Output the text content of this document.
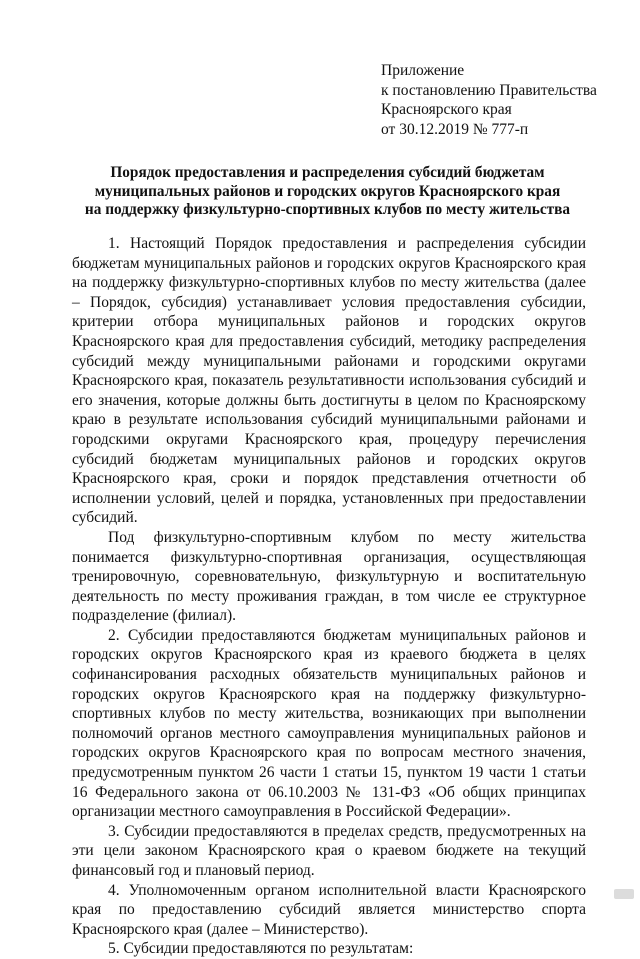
Приложение
к постановлению Правительства
Красноярского края
от 30.12.2019 № 777-п
Порядок предоставления и распределения субсидий бюджетам
муниципальных районов и городских округов Красноярского края
на поддержку физкультурно-спортивных клубов по месту жительства

1. Настоящий Порядок предоставления и распределения субсидии бюджетам муниципальных районов и городских округов Красноярского края на поддержку физкультурно-спортивных клубов по месту жительства (далее – Порядок, субсидия) устанавливает условия предоставления субсидии, критерии отбора муниципальных районов и городских округов Красноярского края для предоставления субсидий, методику распределения субсидий между муниципальными районами и городскими округами Красноярского края, показатель результативности использования субсидий и его значения, которые должны быть достигнуты в целом по Красноярскому краю в результате использования субсидий муниципальными районами и городскими округами Красноярского края, процедуру перечисления субсидий бюджетам муниципальных районов и городских округов Красноярского края, сроки и порядок представления отчетности об исполнении условий, целей и порядка, установленных при предоставлении субсидий.

Под физкультурно-спортивным клубом по месту жительства понимается физкультурно-спортивная организация, осуществляющая тренировочную, соревновательную, физкультурную и воспитательную деятельность по месту проживания граждан, в том числе ее структурное подразделение (филиал).

2. Субсидии предоставляются бюджетам муниципальных районов и городских округов Красноярского края из краевого бюджета в целях софинансирования расходных обязательств муниципальных районов и городских округов Красноярского края на поддержку физкультурно-спортивных клубов по месту жительства, возникающих при выполнении полномочий органов местного самоуправления муниципальных районов и городских округов Красноярского края по вопросам местного значения, предусмотренным пунктом 26 части 1 статьи 15, пунктом 19 части 1 статьи 16 Федерального закона от 06.10.2003 № 131-ФЗ «Об общих принципах организации местного самоуправления в Российской Федерации».

3. Субсидии предоставляются в пределах средств, предусмотренных на эти цели законом Красноярского края о краевом бюджете на текущий финансовый год и плановый период.

4. Уполномоченным органом исполнительной власти Красноярского края по предоставлению субсидий является министерство спорта Красноярского края (далее – Министерство).

5. Субсидии предоставляются по результатам:
